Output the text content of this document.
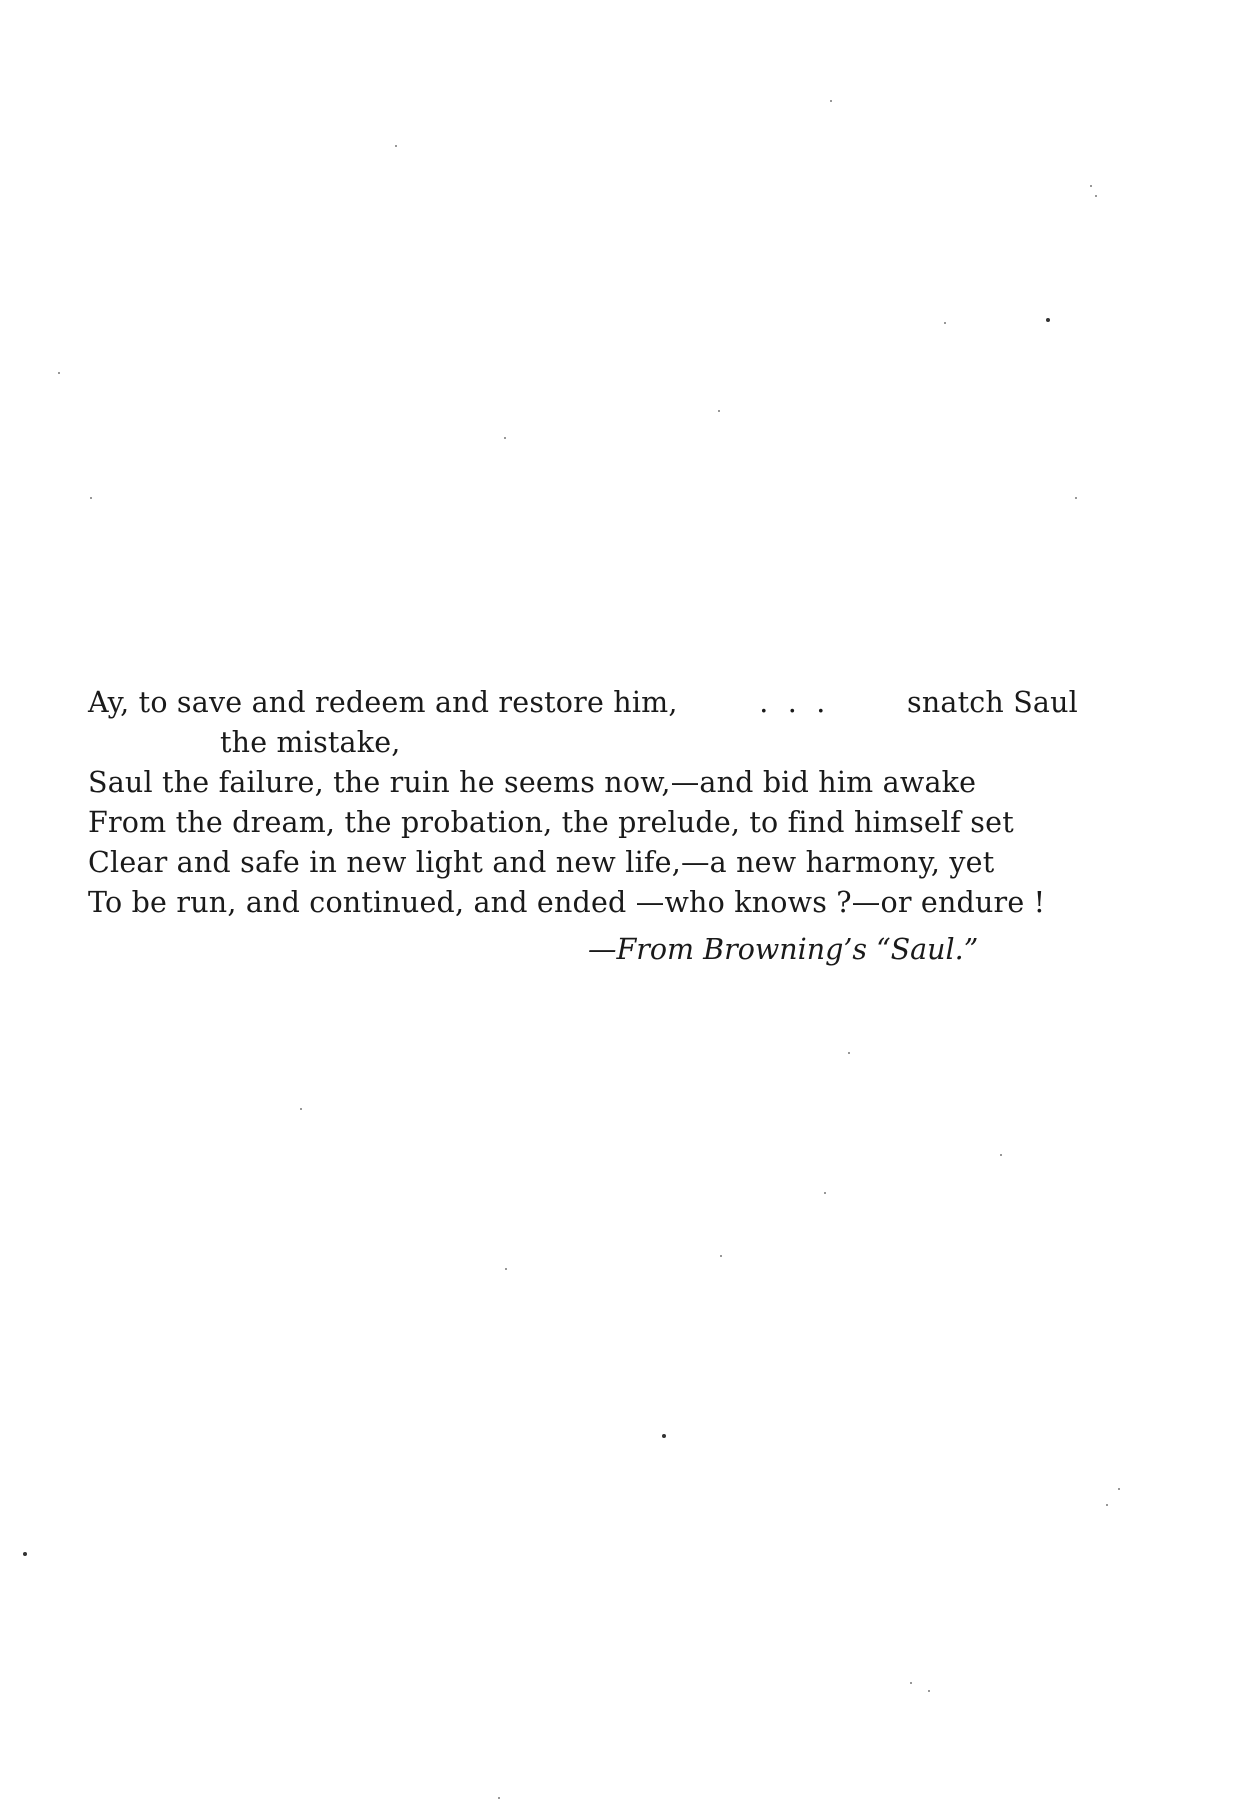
Ay, to save and redeem and restore him,	. . .	snatch Saul
the mistake,
Saul the failure, the ruin he seems now,—and bid him awake
From the dream, the probation, the prelude, to find himself set
Clear and safe in new light and new life,—a new harmony, yet
To be run, and continued, and ended —who knows ?—or endure !
—From Browning’s “Saul.”
